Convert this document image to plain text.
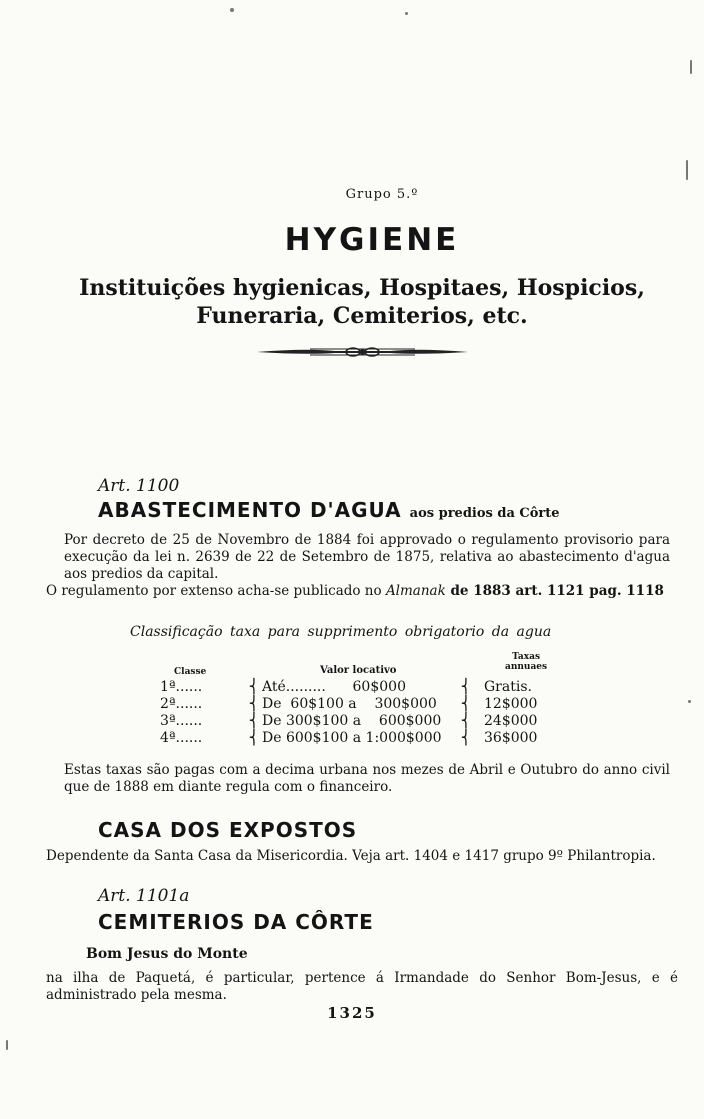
Grupo 5.º
HYGIENE
Instituições hygienicas, Hospitaes, Hospicios,
Funeraria, Cemiterios, etc.
Art. 1100
ABASTECIMENTO D'AGUA aos predios da Côrte
Por decreto de 25 de Novembro de 1884 foi approvado o regulamento provisorio para execução da lei n. 2639 de 22 de Setembro de 1875, relativa ao abastecimento d'agua aos predios da capital.
O regulamento por extenso acha-se publicado no Almanak de 1883 art. 1121 pag. 1118
Classificação taxa para supprimento obrigatorio da agua
Taxas
annuaes
Classe	Valor locativo
1ª......	⎨ Até.........      60$000	⎨ Gratis.
2ª......	⎨ De  60$100 a    300$000	⎨ 12$000
3ª......	⎨ De 300$100 a    600$000	⎨ 24$000
4ª......	⎨ De 600$100 a 1:000$000	⎨ 36$000
Estas taxas são pagas com a decima urbana nos mezes de Abril e Outubro do anno civil que de 1888 em diante regula com o financeiro.
CASA DOS EXPOSTOS
Dependente da Santa Casa da Misericordia. Veja art. 1404 e 1417 grupo 9º Philantropia.
Art. 1101a
CEMITERIOS DA CÔRTE
Bom Jesus do Monte
na ilha de Paquetá, é particular, pertence á Irmandade do Senhor Bom-Jesus, e é administrado pela mesma.
1325
